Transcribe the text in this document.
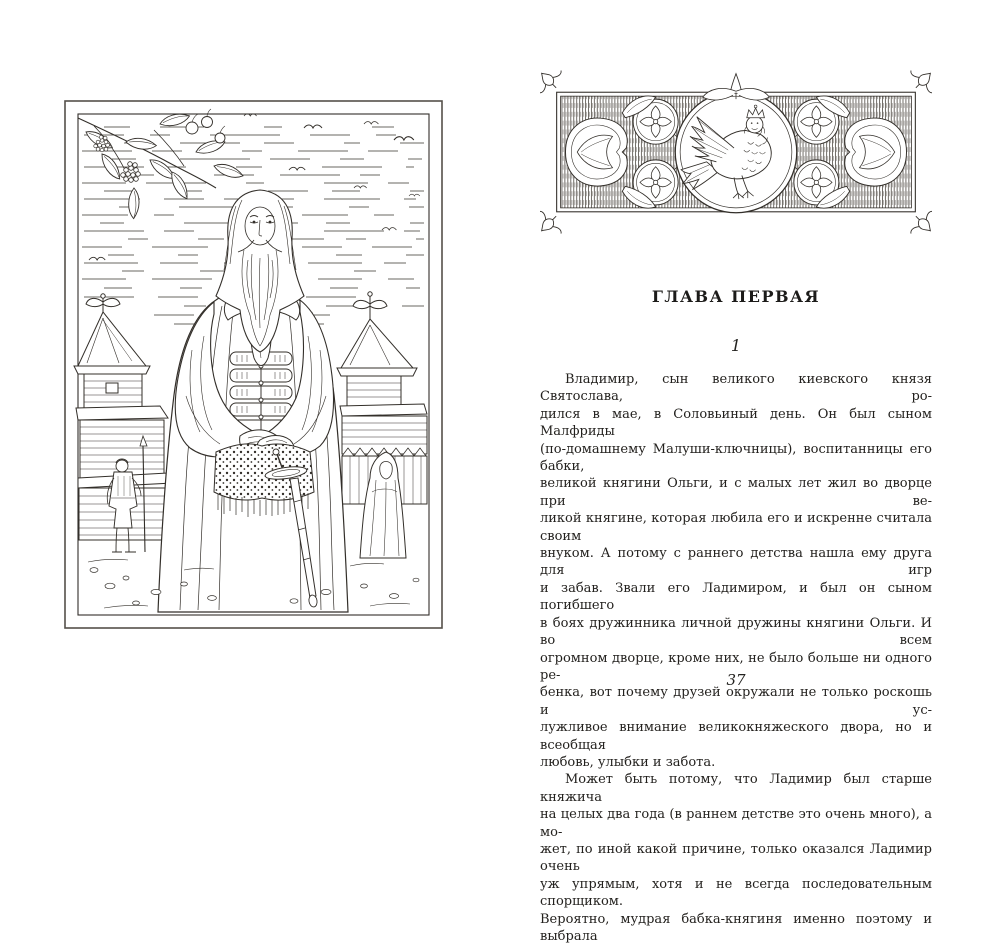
ГЛАВА ПЕРВАЯ
1
Владимир, сын великого киевского князя Святослава, ро-
дился в мае, в Соловьиный день. Он был сыном Малфриды
(по-домашнему Малуши-ключницы), воспитанницы его бабки,
великой княгини Ольги, и с малых лет жил во дворце при ве-
ликой княгине, которая любила его и искренне считала своим
внуком. А потому с раннего детства нашла ему друга для игр
и забав. Звали его Ладимиром, и был он сыном погибшего
в боях дружинника личной дружины княгини Ольги. И во всем
огромном дворце, кроме них, не было больше ни одного ре-
бенка, вот почему друзей окружали не только роскошь и ус-
лужливое внимание великокняжеского двора, но и всеобщая
любовь, улыбки и забота.
Может быть потому, что Ладимир был старше княжича
на целых два года (в раннем детстве это очень много), а мо-
жет, по иной какой причине, только оказался Ладимир очень
уж упрямым, хотя и не всегда последовательным спорщиком.
Вероятно, мудрая бабка-княгиня именно поэтому и выбрала
37
